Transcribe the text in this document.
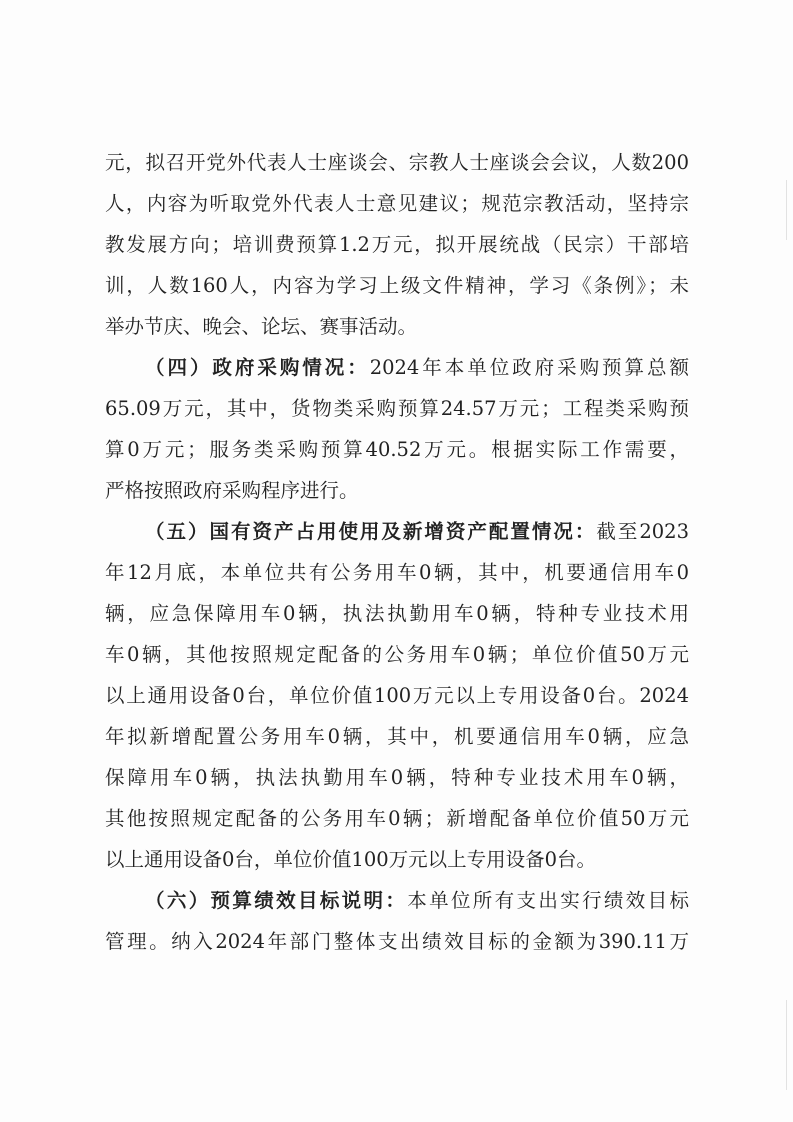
元，拟召开党外代表人士座谈会、宗教人士座谈会会议，人数200
人，内容为听取党外代表人士意见建议；规范宗教活动，坚持宗
教发展方向；培训费预算1.2万元，拟开展统战（民宗）干部培
训，人数160人，内容为学习上级文件精神，学习《条例》；未
举办节庆、晚会、论坛、赛事活动。
（四）政府采购情况：2024年本单位政府采购预算总额
65.09万元，其中，货物类采购预算24.57万元；工程类采购预
算0万元；服务类采购预算40.52万元。根据实际工作需要，
严格按照政府采购程序进行。
（五）国有资产占用使用及新增资产配置情况：截至2023
年12月底，本单位共有公务用车0辆，其中，机要通信用车0
辆，应急保障用车0辆，执法执勤用车0辆，特种专业技术用
车0辆，其他按照规定配备的公务用车0辆；单位价值50万元
以上通用设备0台，单位价值100万元以上专用设备0台。2024
年拟新增配置公务用车0辆，其中，机要通信用车0辆，应急
保障用车0辆，执法执勤用车0辆，特种专业技术用车0辆，
其他按照规定配备的公务用车0辆；新增配备单位价值50万元
以上通用设备0台，单位价值100万元以上专用设备0台。
（六）预算绩效目标说明：本单位所有支出实行绩效目标
管理。纳入2024年部门整体支出绩效目标的金额为390.11万
